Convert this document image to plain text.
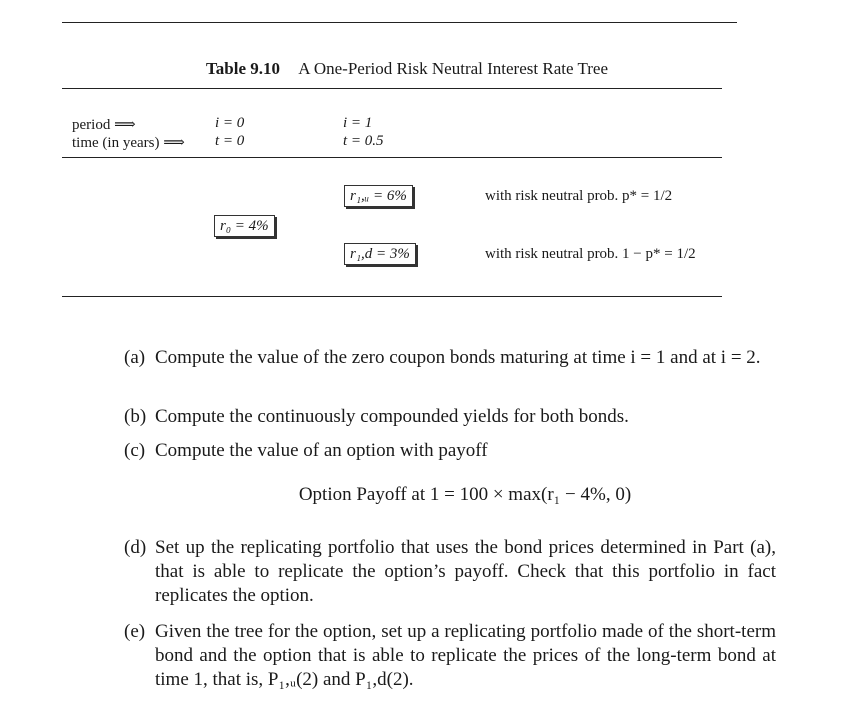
Table 9.10 A One-Period Risk Neutral Interest Rate Tree
period ⟹
time (in years) ⟹
i = 0
t = 0
i = 1
t = 0.5
r₁,ᵤ = 6%	with risk neutral prob. p* = 1/2
r₀ = 4%
r₁,d = 3%	with risk neutral prob. 1 − p* = 1/2
(a) Compute the value of the zero coupon bonds maturing at time i = 1 and at i = 2.
(b) Compute the continuously compounded yields for both bonds.
(c) Compute the value of an option with payoff
Option Payoff at 1 = 100 × max(r₁ − 4%, 0)
(d) Set up the replicating portfolio that uses the bond prices determined in Part (a), that is able to replicate the option’s payoff. Check that this portfolio in fact replicates the option.
(e) Given the tree for the option, set up a replicating portfolio made of the short-term bond and the option that is able to replicate the prices of the long-term bond at time 1, that is, P₁,ᵤ(2) and P₁,d(2).
